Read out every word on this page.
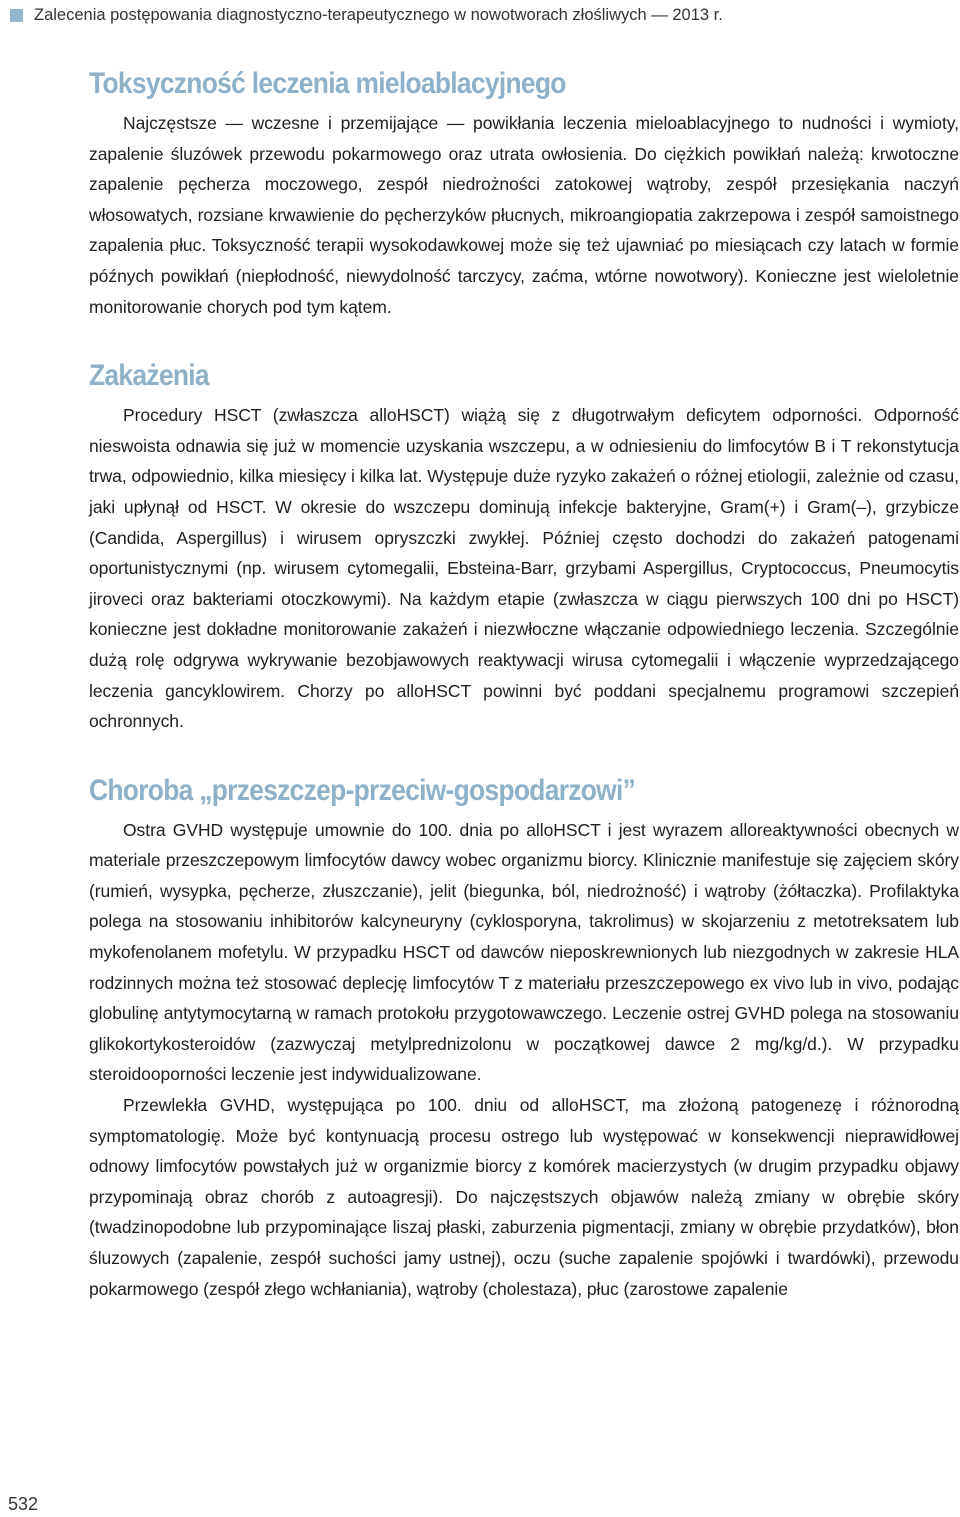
Zalecenia postępowania diagnostyczno-terapeutycznego w nowotworach złośliwych — 2013 r.
Toksyczność leczenia mieloablacyjnego

Najczęstsze — wczesne i przemijające — powikłania leczenia mieloablacyjnego to nudności i wymioty, zapalenie śluzówek przewodu pokarmowego oraz utrata owłosienia. Do ciężkich powikłań należą: krwotoczne zapalenie pęcherza moczowego, zespół niedrożności zatokowej wątroby, zespół przesiękania naczyń włosowatych, rozsiane krwawienie do pęcherzyków płucnych, mikroangiopatia zakrzepowa i zespół samoistnego zapalenia płuc. Toksyczność terapii wysokodawkowej może się też ujawniać po miesiącach czy latach w formie późnych powikłań (niepłodność, niewydolność tarczycy, zaćma, wtórne nowotwory). Konieczne jest wieloletnie monitorowanie chorych pod tym kątem.

Zakażenia

Procedury HSCT (zwłaszcza alloHSCT) wiążą się z długotrwałym deficytem odporności. Odporność nieswoista odnawia się już w momencie uzyskania wszczepu, a w odniesieniu do limfocytów B i T rekonstytucja trwa, odpowiednio, kilka miesięcy i kilka lat. Występuje duże ryzyko zakażeń o różnej etiologii, zależnie od czasu, jaki upłynął od HSCT. W okresie do wszczepu dominują infekcje bakteryjne, Gram(+) i Gram(–), grzybicze (Candida, Aspergillus) i wirusem opryszczki zwykłej. Później często dochodzi do zakażeń patogenami oportunistycznymi (np. wirusem cytomegalii, Ebsteina-Barr, grzybami Aspergillus, Cryptococcus, Pneumocytis jiroveci oraz bakteriami otoczkowymi). Na każdym etapie (zwłaszcza w ciągu pierwszych 100 dni po HSCT) konieczne jest dokładne monitorowanie zakażeń i niezwłoczne włączanie odpowiedniego leczenia. Szczególnie dużą rolę odgrywa wykrywanie bezobjawowych reaktywacji wirusa cytomegalii i włączenie wyprzedzającego leczenia gancyklowirem. Chorzy po alloHSCT powinni być poddani specjalnemu programowi szczepień ochronnych.

Choroba „przeszczep-przeciw-gospodarzowi”

Ostra GVHD występuje umownie do 100. dnia po alloHSCT i jest wyrazem alloreaktywności obecnych w materiale przeszczepowym limfocytów dawcy wobec organizmu biorcy. Klinicznie manifestuje się zajęciem skóry (rumień, wysypka, pęcherze, złuszczanie), jelit (biegunka, ból, niedrożność) i wątroby (żółtaczka). Profilaktyka polega na stosowaniu inhibitorów kalcyneuryny (cyklosporyna, takrolimus) w skojarzeniu z metotreksatem lub mykofenolanem mofetylu. W przypadku HSCT od dawców nieposkrewnionych lub niezgodnych w zakresie HLA rodzinnych można też stosować deplecję limfocytów T z materiału przeszczepowego ex vivo lub in vivo, podając globulinę antytymocytarną w ramach protokołu przygotowawczego. Leczenie ostrej GVHD polega na stosowaniu glikokortykosteroidów (zazwyczaj metylprednizolonu w początkowej dawce 2 mg/kg/d.). W przypadku steroidooporności leczenie jest indywidualizowane.

Przewlekła GVHD, występująca po 100. dniu od alloHSCT, ma złożoną patogenezę i różnorodną symptomatologię. Może być kontynuacją procesu ostrego lub występować w konsekwencji nieprawidłowej odnowy limfocytów powstałych już w organizmie biorcy z komórek macierzystych (w drugim przypadku objawy przypominają obraz chorób z autoagresji). Do najczęstszych objawów należą zmiany w obrębie skóry (twadzinopodobne lub przypominające liszaj płaski, zaburzenia pigmentacji, zmiany w obrębie przydatków), błon śluzowych (zapalenie, zespół suchości jamy ustnej), oczu (suche zapalenie spojówki i twardówki), przewodu pokarmowego (zespół złego wchłaniania), wątroby (cholestaza), płuc (zarostowe zapalenie

532
